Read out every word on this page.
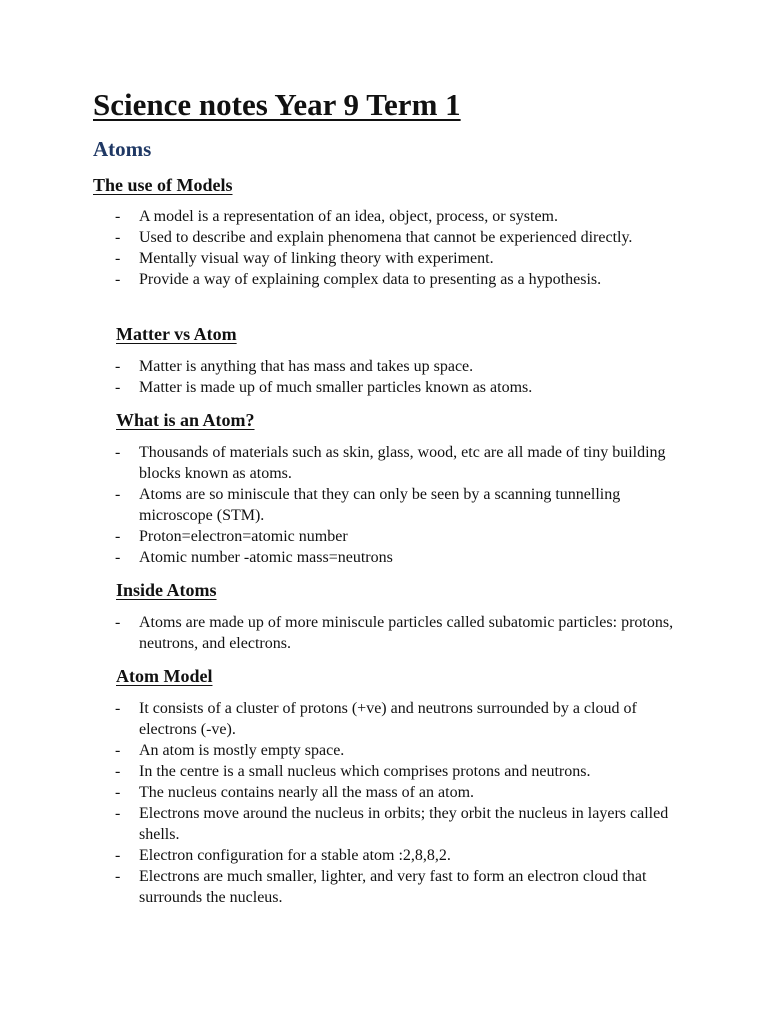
Science notes Year 9 Term 1
Atoms
The use of Models
- A model is a representation of an idea, object, process, or system.
- Used to describe and explain phenomena that cannot be experienced directly.
- Mentally visual way of linking theory with experiment.
- Provide a way of explaining complex data to presenting as a hypothesis.
Matter vs Atom
- Matter is anything that has mass and takes up space.
- Matter is made up of much smaller particles known as atoms.
What is an Atom?
- Thousands of materials such as skin, glass, wood, etc are all made of tiny building blocks known as atoms.
- Atoms are so miniscule that they can only be seen by a scanning tunnelling microscope (STM).
- Proton=electron=atomic number
- Atomic number -atomic mass=neutrons
Inside Atoms
- Atoms are made up of more miniscule particles called subatomic particles: protons, neutrons, and electrons.
Atom Model
- It consists of a cluster of protons (+ve) and neutrons surrounded by a cloud of electrons (-ve).
- An atom is mostly empty space.
- In the centre is a small nucleus which comprises protons and neutrons.
- The nucleus contains nearly all the mass of an atom.
- Electrons move around the nucleus in orbits; they orbit the nucleus in layers called shells.
- Electron configuration for a stable atom :2,8,8,2.
- Electrons are much smaller, lighter, and very fast to form an electron cloud that surrounds the nucleus.
